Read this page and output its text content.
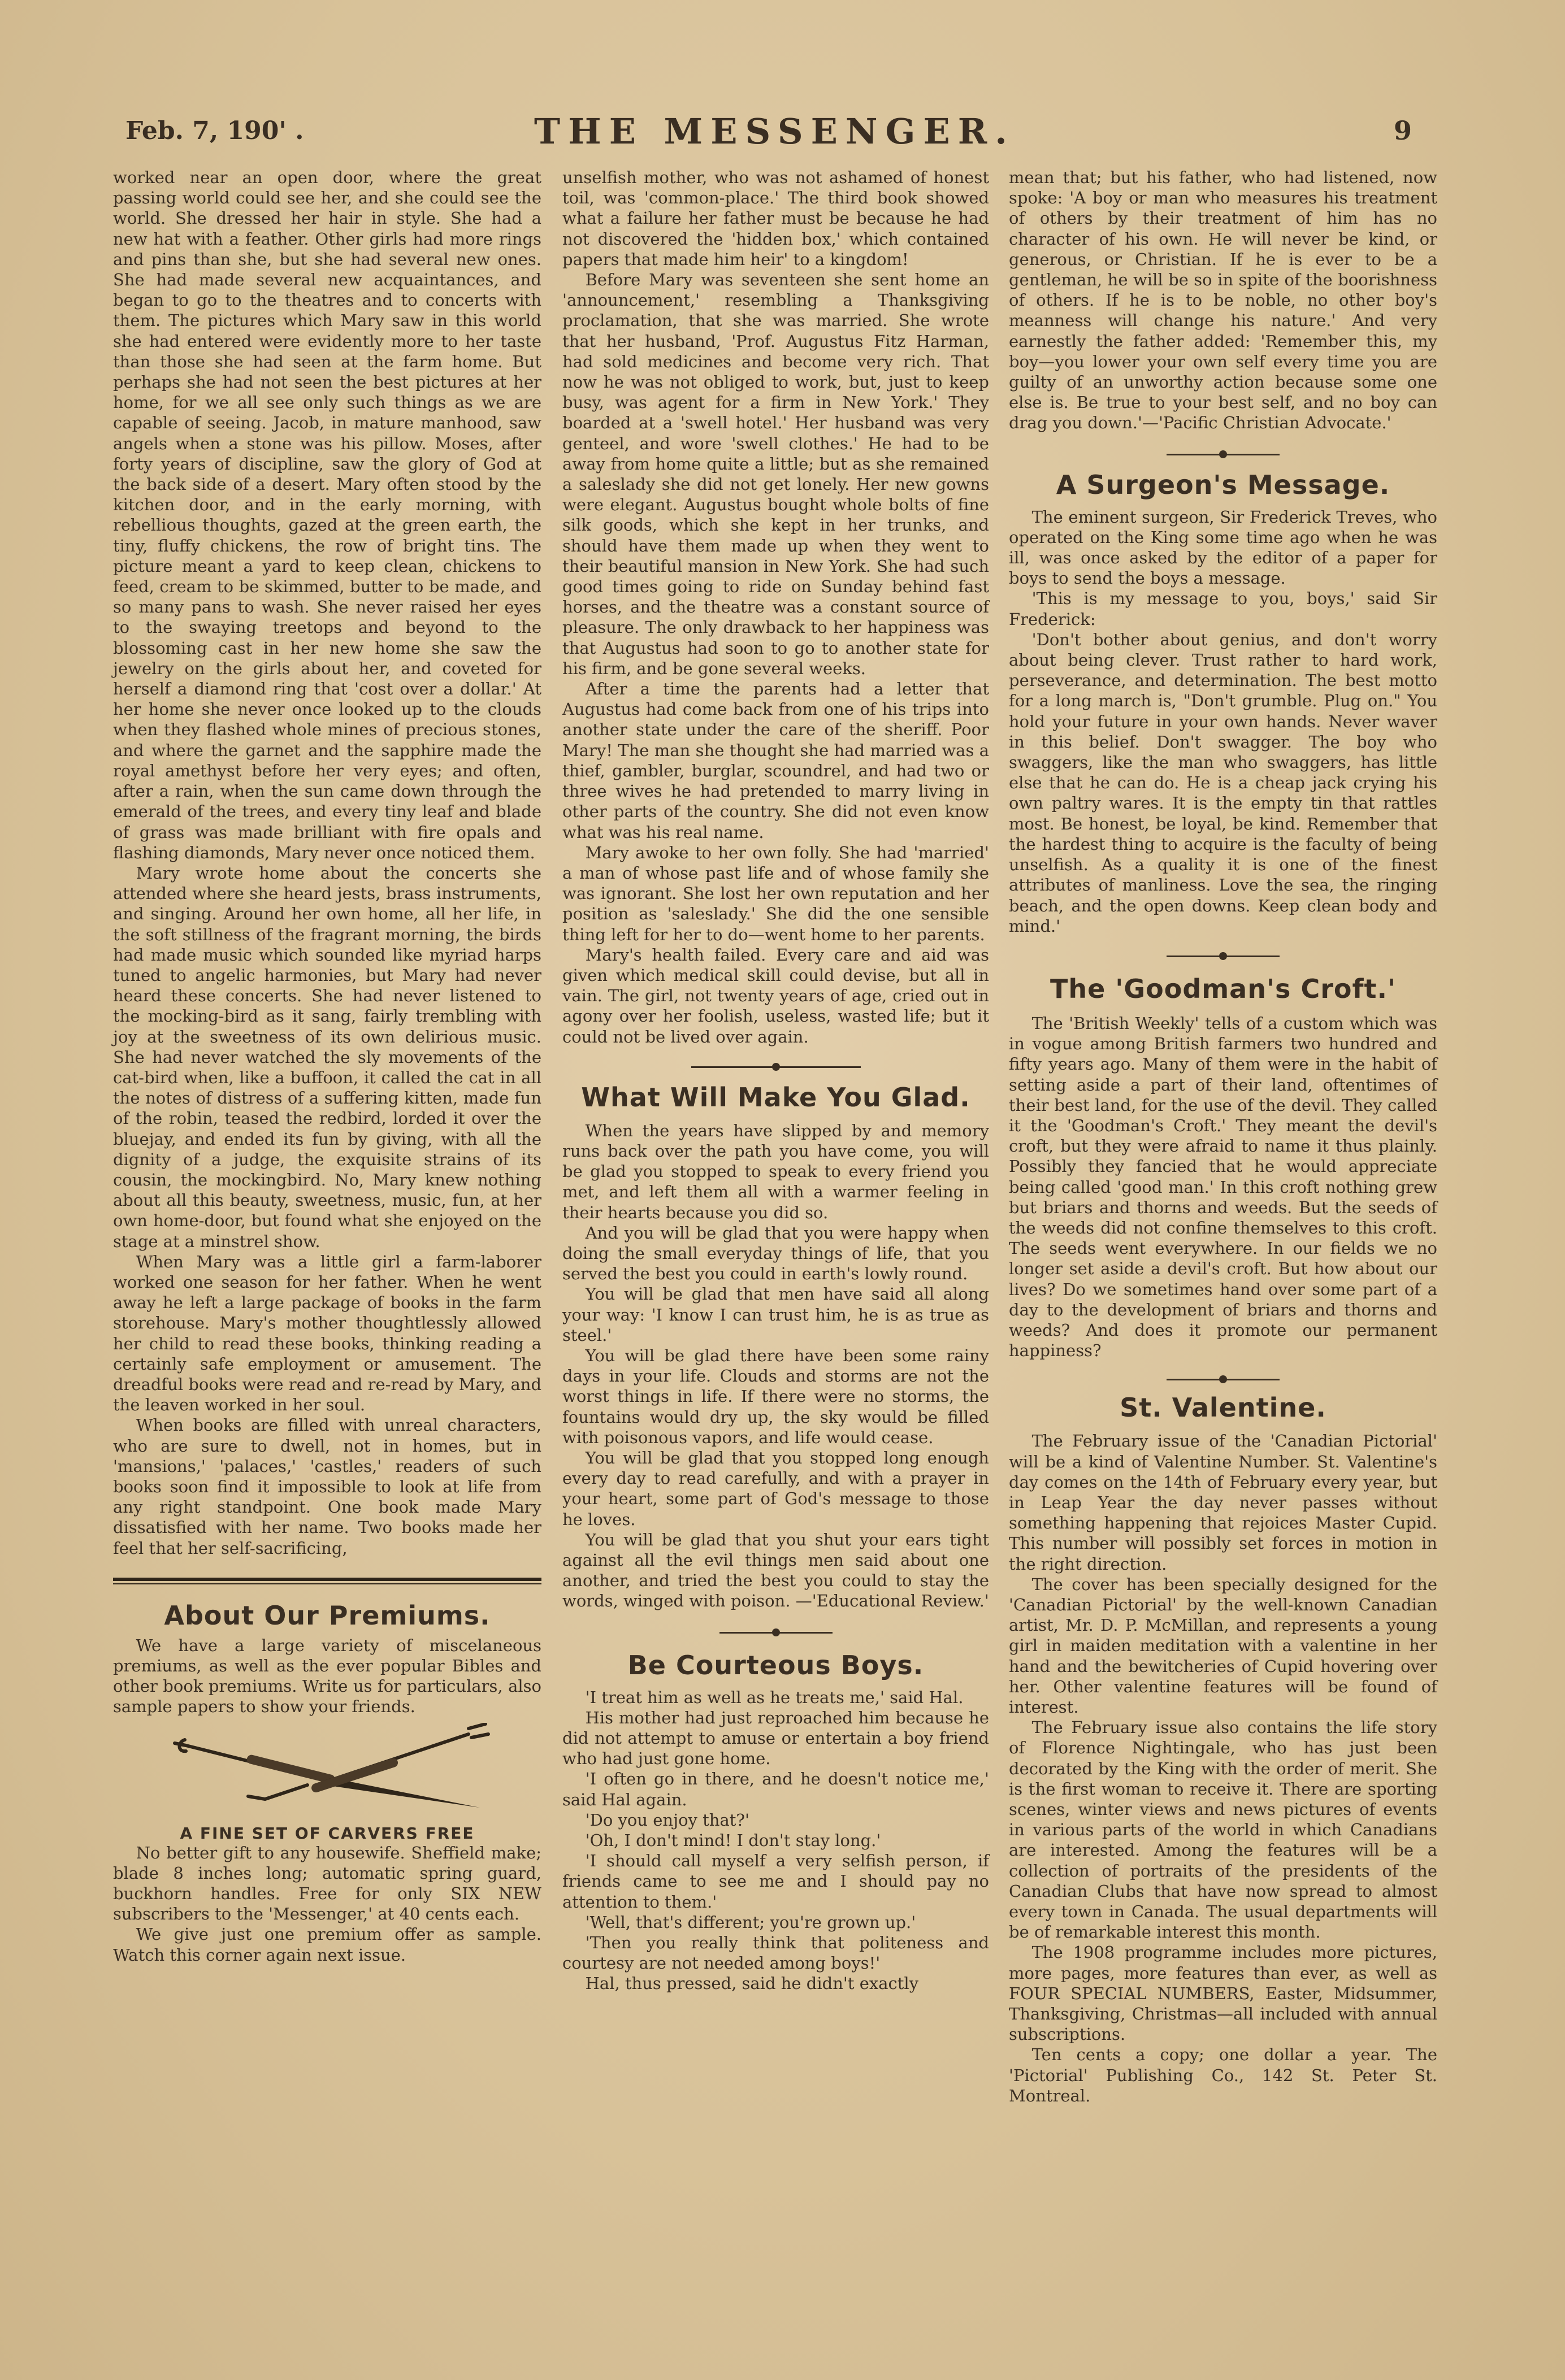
Feb. 7, 190' .	THE MESSENGER.	9

worked near an open door, where the great passing world could see her, and she could see the world. She dressed her hair in style. She had a new hat with a feather. Other girls had more rings and pins than she, but she had several new ones. She had made several new acquaintances, and began to go to the theatres and to concerts with them. The pictures which Mary saw in this world she had entered were evidently more to her taste than those she had seen at the farm home. But perhaps she had not seen the best pictures at her home, for we all see only such things as we are capable of seeing. Jacob, in mature manhood, saw angels when a stone was his pillow. Moses, after forty years of discipline, saw the glory of God at the back side of a desert. Mary often stood by the kitchen door, and in the early morning, with rebellious thoughts, gazed at the green earth, the tiny, fluffy chickens, the row of bright tins. The picture meant a yard to keep clean, chickens to feed, cream to be skimmed, butter to be made, and so many pans to wash. She never raised her eyes to the swaying treetops and beyond to the blossoming cast in her new home she saw the jewelry on the girls about her, and coveted for herself a diamond ring that 'cost over a dollar.' At her home she never once looked up to the clouds when they flashed whole mines of precious stones, and where the garnet and the sapphire made the royal amethyst before her very eyes; and often, after a rain, when the sun came down through the emerald of the trees, and every tiny leaf and blade of grass was made brilliant with fire opals and flashing diamonds, Mary never once noticed them.

Mary wrote home about the concerts she attended where she heard jests, brass instruments, and singing. Around her own home, all her life, in the soft stillness of the fragrant morning, the birds had made music which sounded like myriad harps tuned to angelic harmonies, but Mary had never heard these concerts. She had never listened to the mocking-bird as it sang, fairly trembling with joy at the sweetness of its own delirious music. She had never watched the sly movements of the cat-bird when, like a buffoon, it called the cat in all the notes of distress of a suffering kitten, made fun of the robin, teased the redbird, lorded it over the bluejay, and ended its fun by giving, with all the dignity of a judge, the exquisite strains of its cousin, the mockingbird. No, Mary knew nothing about all this beauty, sweetness, music, fun, at her own home-door, but found what she enjoyed on the stage at a minstrel show.

When Mary was a little girl a farm-laborer worked one season for her father. When he went away he left a large package of books in the farm storehouse. Mary's mother thoughtlessly allowed her child to read these books, thinking reading a certainly safe employment or amusement. The dreadful books were read and re-read by Mary, and the leaven worked in her soul.

When books are filled with unreal characters, who are sure to dwell, not in homes, but in 'mansions,' 'palaces,' 'castles,' readers of such books soon find it impossible to look at life from any right standpoint. One book made Mary dissatisfied with her name. Two books made her feel that her self-sacrificing,

About Our Premiums.

We have a large variety of miscelaneous premiums, as well as the ever popular Bibles and other book premiums. Write us for particulars, also sample papers to show your friends.

A FINE SET OF CARVERS FREE

No better gift to any housewife. Sheffield make; blade 8 inches long; automatic spring guard, buckhorn handles. Free for only SIX NEW subscribers to the 'Messenger,' at 40 cents each.

We give just one premium offer as sample. Watch this corner again next issue.

unselfish mother, who was not ashamed of honest toil, was 'common-place.' The third book showed what a failure her father must be because he had not discovered the 'hidden box,' which contained papers that made him heir' to a kingdom!

Before Mary was seventeen she sent home an 'announcement,' resembling a Thanksgiving proclamation, that she was married. She wrote that her husband, 'Prof. Augustus Fitz Harman, had sold medicines and become very rich. That now he was not obliged to work, but, just to keep busy, was agent for a firm in New York.' They boarded at a 'swell hotel.' Her husband was very genteel, and wore 'swell clothes.' He had to be away from home quite a little; but as she remained a saleslady she did not get lonely. Her new gowns were elegant. Augustus bought whole bolts of fine silk goods, which she kept in her trunks, and should have them made up when they went to their beautiful mansion in New York. She had such good times going to ride on Sunday behind fast horses, and the theatre was a constant source of pleasure. The only drawback to her happiness was that Augustus had soon to go to another state for his firm, and be gone several weeks.

After a time the parents had a letter that Augustus had come back from one of his trips into another state under the care of the sheriff. Poor Mary! The man she thought she had married was a thief, gambler, burglar, scoundrel, and had two or three wives he had pretended to marry living in other parts of the country. She did not even know what was his real name.

Mary awoke to her own folly. She had 'married' a man of whose past life and of whose family she was ignorant. She lost her own reputation and her position as 'saleslady.' She did the one sensible thing left for her to do—went home to her parents.

Mary's health failed. Every care and aid was given which medical skill could devise, but all in vain. The girl, not twenty years of age, cried out in agony over her foolish, useless, wasted life; but it could not be lived over again.

What Will Make You Glad.

When the years have slipped by and memory runs back over the path you have come, you will be glad you stopped to speak to every friend you met, and left them all with a warmer feeling in their hearts because you did so.

And you will be glad that you were happy when doing the small everyday things of life, that you served the best you could in earth's lowly round.

You will be glad that men have said all along your way: 'I know I can trust him, he is as true as steel.'

You will be glad there have been some rainy days in your life. Clouds and storms are not the worst things in life. If there were no storms, the fountains would dry up, the sky would be filled with poisonous vapors, and life would cease.

You will be glad that you stopped long enough every day to read carefully, and with a prayer in your heart, some part of God's message to those he loves.

You will be glad that you shut your ears tight against all the evil things men said about one another, and tried the best you could to stay the words, winged with poison. —'Educational Review.'

Be Courteous Boys.

'I treat him as well as he treats me,' said Hal.

His mother had just reproached him because he did not attempt to amuse or entertain a boy friend who had just gone home.

'I often go in there, and he doesn't notice me,' said Hal again.

'Do you enjoy that?'

'Oh, I don't mind! I don't stay long.'

'I should call myself a very selfish person, if friends came to see me and I should pay no attention to them.'

'Well, that's different; you're grown up.'

'Then you really think that politeness and courtesy are not needed among boys!'

Hal, thus pressed, said he didn't exactly

mean that; but his father, who had listened, now spoke: 'A boy or man who measures his treatment of others by their treatment of him has no character of his own. He will never be kind, or generous, or Christian. If he is ever to be a gentleman, he will be so in spite of the boorishness of others. If he is to be noble, no other boy's meanness will change his nature.' And very earnestly the father added: 'Remember this, my boy—you lower your own self every time you are guilty of an unworthy action because some one else is. Be true to your best self, and no boy can drag you down.'—'Pacific Christian Advocate.'

A Surgeon's Message.

The eminent surgeon, Sir Frederick Treves, who operated on the King some time ago when he was ill, was once asked by the editor of a paper for boys to send the boys a message.

'This is my message to you, boys,' said Sir Frederick:

'Don't bother about genius, and don't worry about being clever. Trust rather to hard work, perseverance, and determination. The best motto for a long march is, "Don't grumble. Plug on." You hold your future in your own hands. Never waver in this belief. Don't swagger. The boy who swaggers, like the man who swaggers, has little else that he can do. He is a cheap jack crying his own paltry wares. It is the empty tin that rattles most. Be honest, be loyal, be kind. Remember that the hardest thing to acquire is the faculty of being unselfish. As a quality it is one of the finest attributes of manliness. Love the sea, the ringing beach, and the open downs. Keep clean body and mind.'

The 'Goodman's Croft.'

The 'British Weekly' tells of a custom which was in vogue among British farmers two hundred and fifty years ago. Many of them were in the habit of setting aside a part of their land, oftentimes of their best land, for the use of the devil. They called it the 'Goodman's Croft.' They meant the devil's croft, but they were afraid to name it thus plainly. Possibly they fancied that he would appreciate being called 'good man.' In this croft nothing grew but briars and thorns and weeds. But the seeds of the weeds did not confine themselves to this croft. The seeds went everywhere. In our fields we no longer set aside a devil's croft. But how about our lives? Do we sometimes hand over some part of a day to the development of briars and thorns and weeds? And does it promote our permanent happiness?

St. Valentine.

The February issue of the 'Canadian Pictorial' will be a kind of Valentine Number. St. Valentine's day comes on the 14th of February every year, but in Leap Year the day never passes without something happening that rejoices Master Cupid. This number will possibly set forces in motion in the right direction.

The cover has been specially designed for the 'Canadian Pictorial' by the well-known Canadian artist, Mr. D. P. McMillan, and represents a young girl in maiden meditation with a valentine in her hand and the bewitcheries of Cupid hovering over her. Other valentine features will be found of interest.

The February issue also contains the life story of Florence Nightingale, who has just been decorated by the King with the order of merit. She is the first woman to receive it. There are sporting scenes, winter views and news pictures of events in various parts of the world in which Canadians are interested. Among the features will be a collection of portraits of the presidents of the Canadian Clubs that have now spread to almost every town in Canada. The usual departments will be of remarkable interest this month.

The 1908 programme includes more pictures, more pages, more features than ever, as well as FOUR SPECIAL NUMBERS, Easter, Midsummer, Thanksgiving, Christmas—all included with annual subscriptions.

Ten cents a copy; one dollar a year. The 'Pictorial' Publishing Co., 142 St. Peter St. Montreal.
